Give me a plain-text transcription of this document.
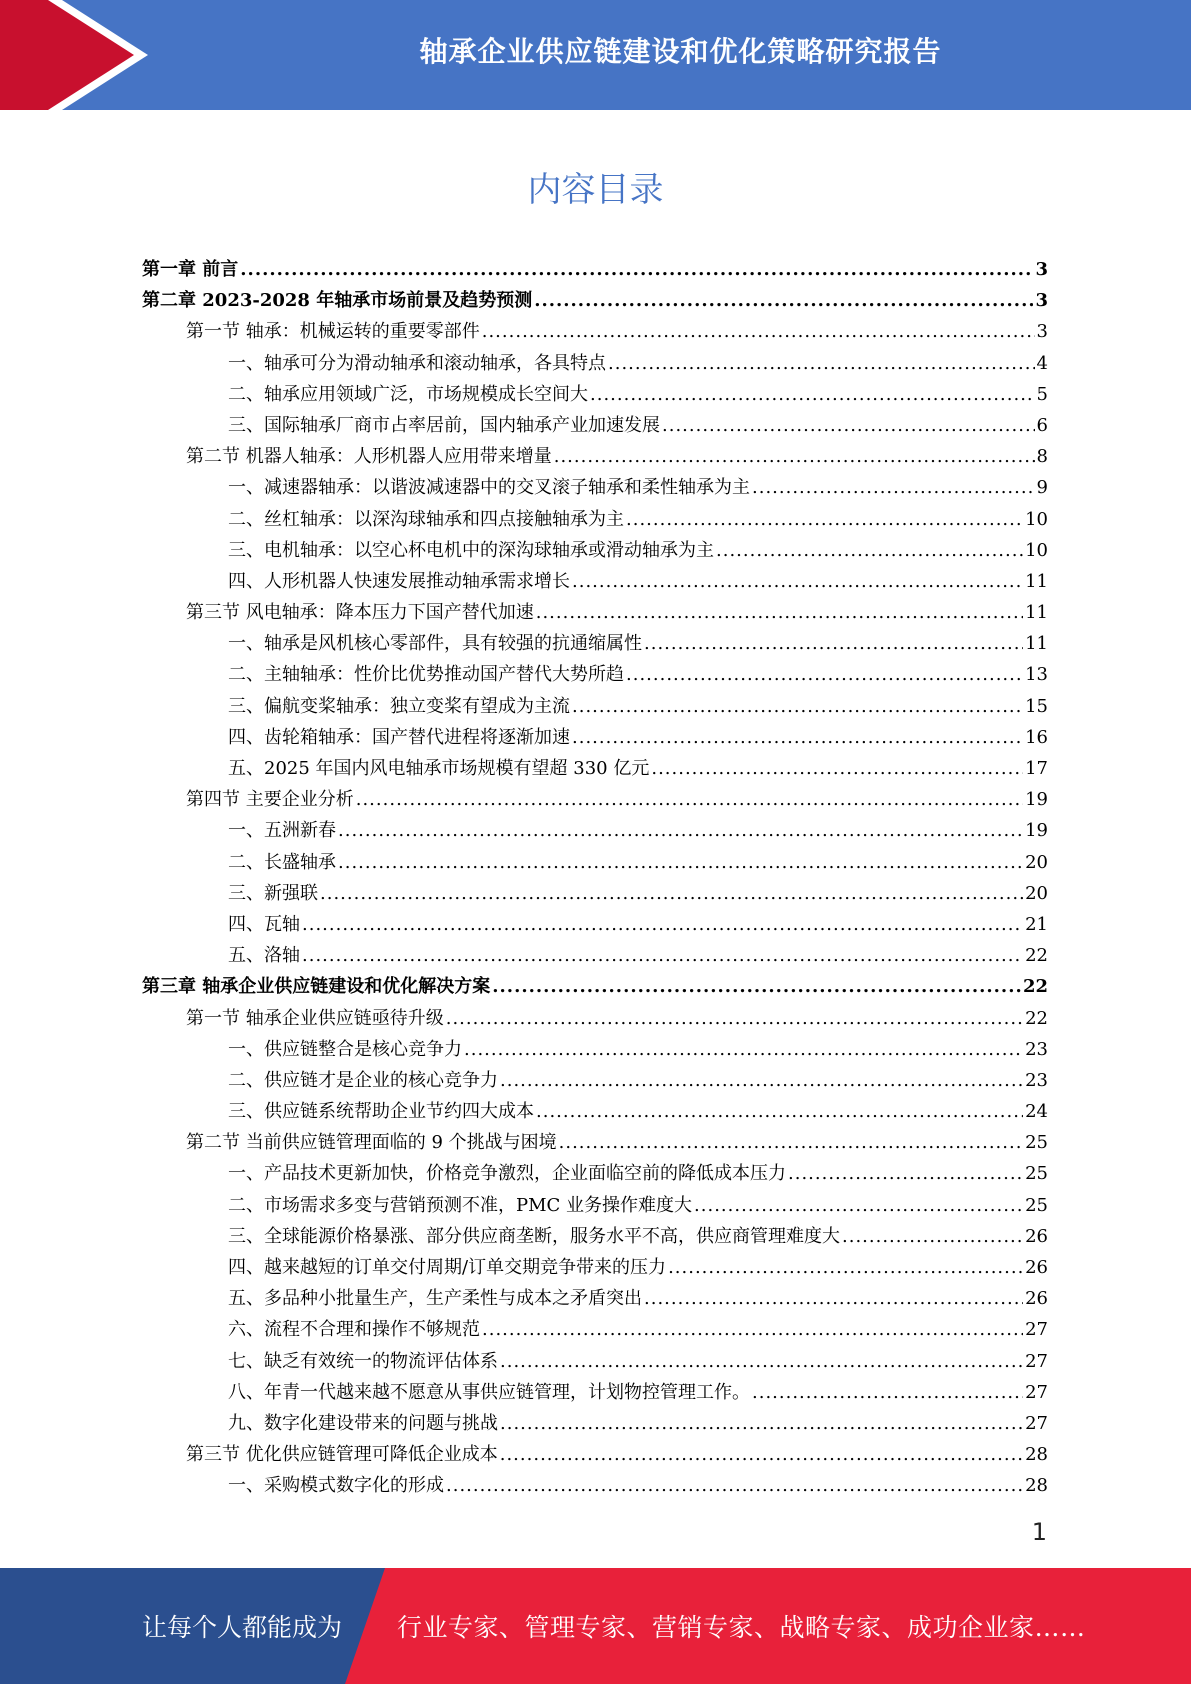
轴承企业供应链建设和优化策略研究报告
内容目录
第一章 前言 .....	3
第二章 2023-2028 年轴承市场前景及趋势预测 .....	3
第一节 轴承：机械运转的重要零部件 .....	3
一、轴承可分为滑动轴承和滚动轴承，各具特点 .....	4
二、轴承应用领域广泛，市场规模成长空间大 .....	5
三、国际轴承厂商市占率居前，国内轴承产业加速发展 .....	6
第二节 机器人轴承：人形机器人应用带来增量 .....	8
一、减速器轴承：以谐波减速器中的交叉滚子轴承和柔性轴承为主 .....	9
二、丝杠轴承：以深沟球轴承和四点接触轴承为主 .....	10
三、电机轴承：以空心杯电机中的深沟球轴承或滑动轴承为主 .....	10
四、人形机器人快速发展推动轴承需求增长 .....	11
第三节 风电轴承：降本压力下国产替代加速 .....	11
一、轴承是风机核心零部件，具有较强的抗通缩属性 .....	11
二、主轴轴承：性价比优势推动国产替代大势所趋 .....	13
三、偏航变桨轴承：独立变桨有望成为主流 .....	15
四、齿轮箱轴承：国产替代进程将逐渐加速 .....	16
五、2025 年国内风电轴承市场规模有望超 330 亿元 .....	17
第四节 主要企业分析 .....	19
一、五洲新春 .....	19
二、长盛轴承 .....	20
三、新强联 .....	20
四、瓦轴 .....	21
五、洛轴 .....	22
第三章 轴承企业供应链建设和优化解决方案 .....	22
第一节 轴承企业供应链亟待升级 .....	22
一、供应链整合是核心竞争力 .....	23
二、供应链才是企业的核心竞争力 .....	23
三、供应链系统帮助企业节约四大成本 .....	24
第二节 当前供应链管理面临的 9 个挑战与困境 .....	25
一、产品技术更新加快，价格竞争激烈，企业面临空前的降低成本压力 .....	25
二、市场需求多变与营销预测不准，PMC 业务操作难度大 .....	25
三、全球能源价格暴涨、部分供应商垄断，服务水平不高，供应商管理难度大 .....	26
四、越来越短的订单交付周期/订单交期竞争带来的压力 .....	26
五、多品种小批量生产，生产柔性与成本之矛盾突出 .....	26
六、流程不合理和操作不够规范 .....	27
七、缺乏有效统一的物流评估体系 .....	27
八、年青一代越来越不愿意从事供应链管理，计划物控管理工作。 .....	27
九、数字化建设带来的问题与挑战 .....	27
第三节 优化供应链管理可降低企业成本 .....	28
一、采购模式数字化的形成 .....	28
1
让每个人都能成为 行业专家、管理专家、营销专家、战略专家、成功企业家……
